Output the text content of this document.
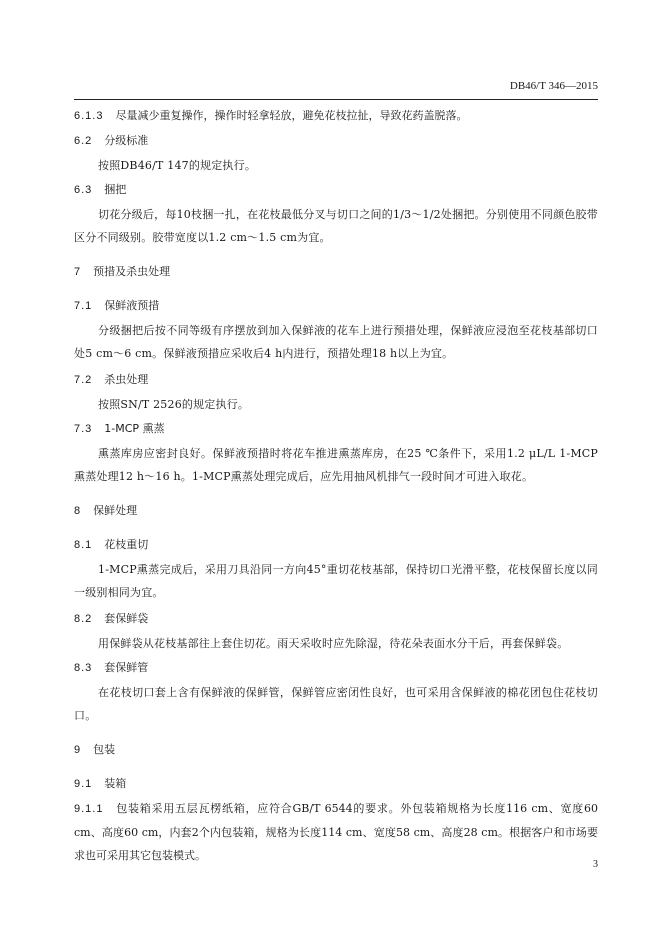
DB46/T 346—2015
6.1.3 尽量减少重复操作，操作时轻拿轻放，避免花枝拉扯，导致花药盖脱落。
6.2 分级标准
按照DB46/T 147的规定执行。
6.3 捆把
切花分级后，每10枝捆一扎，在花枝最低分叉与切口之间的1/3～1/2处捆把。分别使用不同颜色胶带区分不同级别。胶带宽度以1.2 cm～1.5 cm为宜。
7 预措及杀虫处理
7.1 保鲜液预措
分级捆把后按不同等级有序摆放到加入保鲜液的花车上进行预措处理，保鲜液应浸泡至花枝基部切口处5 cm～6 cm。保鲜液预措应采收后4 h内进行，预措处理18 h以上为宜。
7.2 杀虫处理
按照SN/T 2526的规定执行。
7.3 1-MCP 熏蒸
熏蒸库房应密封良好。保鲜液预措时将花车推进熏蒸库房，在25 ℃条件下，采用1.2 μL/L 1-MCP熏蒸处理12 h～16 h。1-MCP熏蒸处理完成后，应先用抽风机排气一段时间才可进入取花。
8 保鲜处理
8.1 花枝重切
1-MCP熏蒸完成后，采用刀具沿同一方向45°重切花枝基部，保持切口光滑平整，花枝保留长度以同一级别相同为宜。
8.2 套保鲜袋
用保鲜袋从花枝基部往上套住切花。雨天采收时应先除湿，待花朵表面水分干后，再套保鲜袋。
8.3 套保鲜管
在花枝切口套上含有保鲜液的保鲜管，保鲜管应密闭性良好，也可采用含保鲜液的棉花团包住花枝切口。
9 包装
9.1 装箱
9.1.1 包装箱采用五层瓦楞纸箱，应符合GB/T 6544的要求。外包装箱规格为长度116 cm、宽度60 cm、高度60 cm，内套2个内包装箱，规格为长度114 cm、宽度58 cm、高度28 cm。根据客户和市场要求也可采用其它包装模式。
3
